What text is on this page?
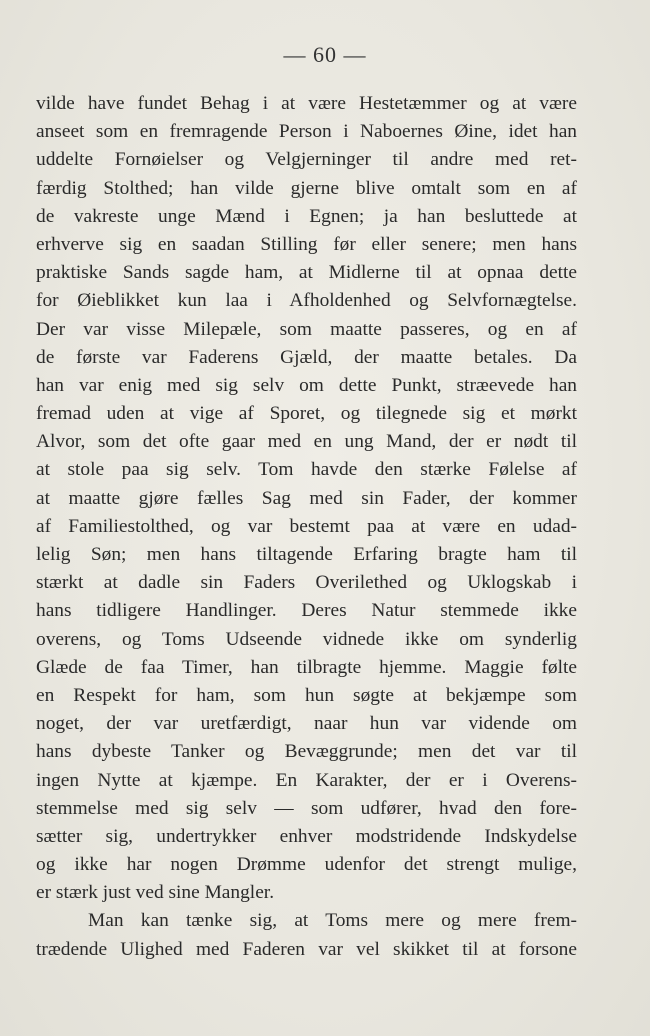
— 60 —
vilde have fundet Behag i at være Hestetæmmer og at være
anseet som en fremragende Person i Naboernes Øine, idet han
uddelte Fornøielser og Velgjerninger til andre med ret-
færdig Stolthed; han vilde gjerne blive omtalt som en af
de vakreste unge Mænd i Egnen; ja han besluttede at
erhverve sig en saadan Stilling før eller senere; men hans
praktiske Sands sagde ham, at Midlerne til at opnaa dette
for Øieblikket kun laa i Afholdenhed og Selvfornægtelse.
Der var visse Milepæle, som maatte passeres, og en af
de første var Faderens Gjæld, der maatte betales. Da
han var enig med sig selv om dette Punkt, stræevede han
fremad uden at vige af Sporet, og tilegnede sig et mørkt
Alvor, som det ofte gaar med en ung Mand, der er nødt til
at stole paa sig selv. Tom havde den stærke Følelse af
at maatte gjøre fælles Sag med sin Fader, der kommer
af Familiestolthed, og var bestemt paa at være en udad-
lelig Søn; men hans tiltagende Erfaring bragte ham til
stærkt at dadle sin Faders Overilethed og Uklogskab i
hans tidligere Handlinger. Deres Natur stemmede ikke
overens, og Toms Udseende vidnede ikke om synderlig
Glæde de faa Timer, han tilbragte hjemme. Maggie følte
en Respekt for ham, som hun søgte at bekjæmpe som
noget, der var uretfærdigt, naar hun var vidende om
hans dybeste Tanker og Bevæggrunde; men det var til
ingen Nytte at kjæmpe. En Karakter, der er i Overens-
stemmelse med sig selv — som udfører, hvad den fore-
sætter sig, undertrykker enhver modstridende Indskydelse
og ikke har nogen Drømme udenfor det strengt mulige,
er stærk just ved sine Mangler.
Man kan tænke sig, at Toms mere og mere frem-
trædende Ulighed med Faderen var vel skikket til at forsone
